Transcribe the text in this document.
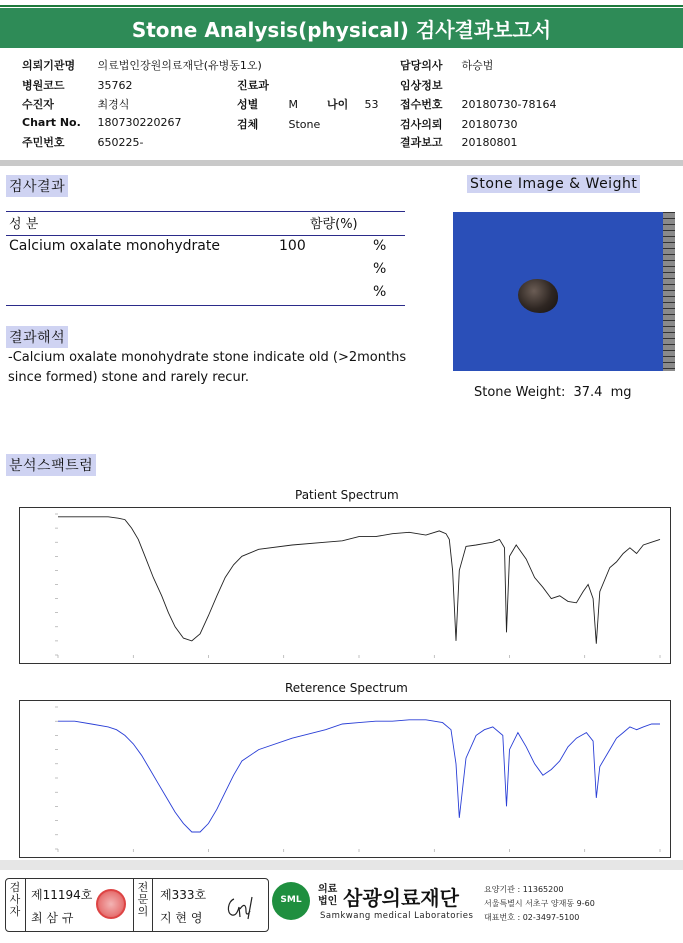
Stone Analysis(physical) 검사결과보고서
의뢰기관명 의료법인장원의료재단(유병동1오)
병원코드	35762
수진자	최경식
Chart No. 180730220267
주민번호	650225-
진료과
성별	M	나이 53
검체	Stone
담당의사 하승범
임상정보
접수번호 20180730-78164
검사의뢰 20180730
결과보고 20180801
검사결과
성 분	함량(%)
Calcium oxalate monohydrate	100	%
%
%
Stone Image & Weight
Stone Weight: 37.4 mg
결과해석
-Calcium oxalate monohydrate stone indicate old (>2months since formed) stone and rarely recur.
분석스팩트럼
Patient Spectrum
Reterence Spectrum
검사자
제11194호
최 삼 규
전문의
제333호
지 현 영
SML
의료 법인 삼광의료재단
Samkwang medical Laboratories
요양기관 : 11365200
서울특별시 서초구 양재동 9-60
대표번호 : 02-3497-5100
